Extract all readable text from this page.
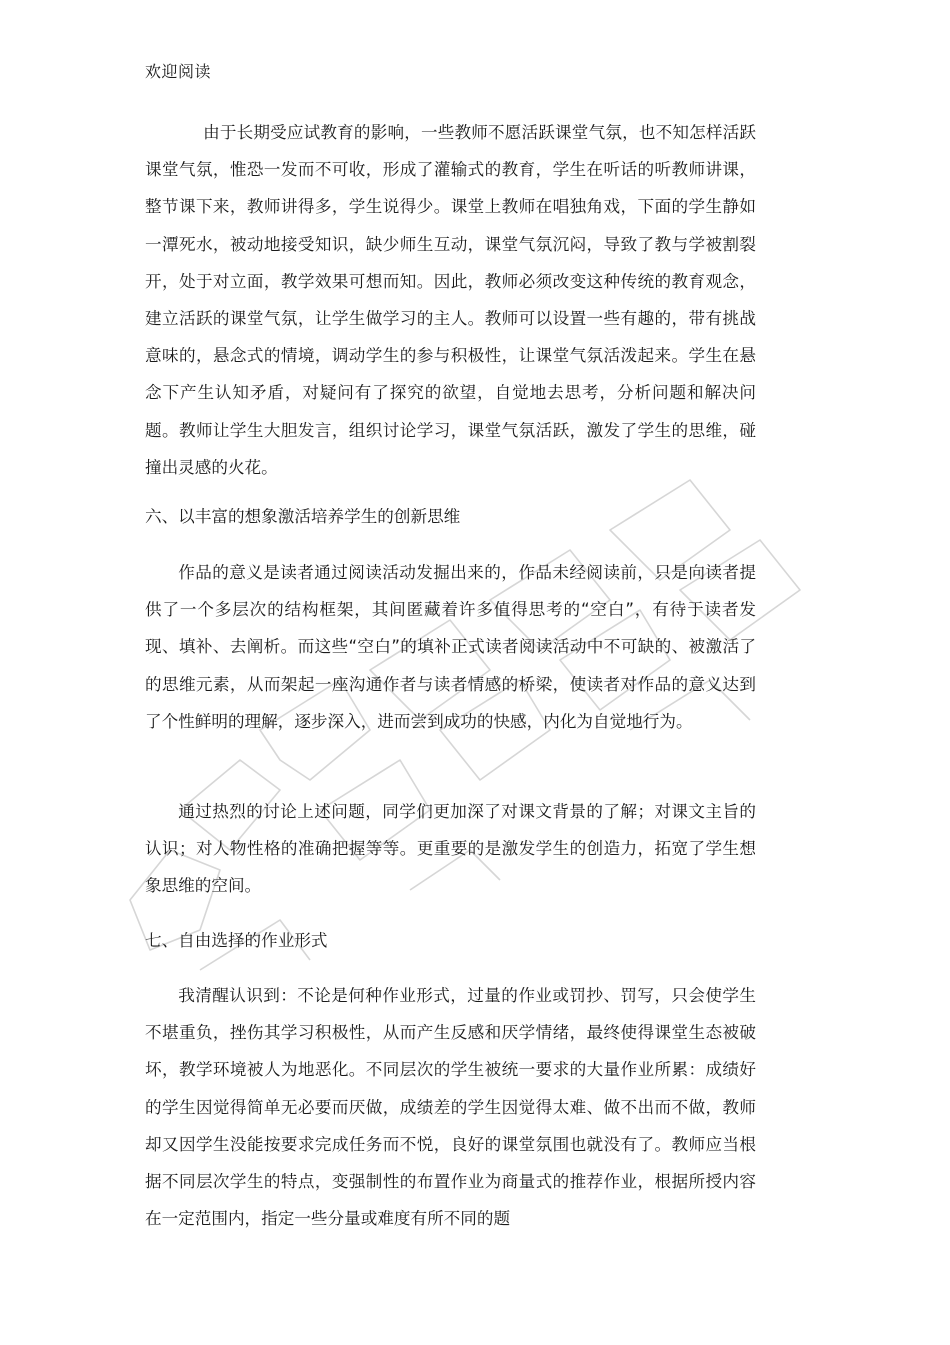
欢迎阅读

由于长期受应试教育的影响，一些教师不愿活跃课堂气氛，也不知怎样活跃课堂气氛，惟恐一发而不可收，形成了灌输式的教育，学生在听话的听教师讲课，整节课下来，教师讲得多，学生说得少。课堂上教师在唱独角戏，下面的学生静如一潭死水，被动地接受知识，缺少师生互动，课堂气氛沉闷，导致了教与学被割裂开，处于对立面，教学效果可想而知。因此，教师必须改变这种传统的教育观念，建立活跃的课堂气氛，让学生做学习的主人。教师可以设置一些有趣的，带有挑战意味的，悬念式的情境，调动学生的参与积极性，让课堂气氛活泼起来。学生在悬念下产生认知矛盾，对疑问有了探究的欲望，自觉地去思考，分析问题和解决问题。教师让学生大胆发言，组织讨论学习，课堂气氛活跃，激发了学生的思维，碰撞出灵感的火花。

六、以丰富的想象激活培养学生的创新思维

作品的意义是读者通过阅读活动发掘出来的，作品未经阅读前，只是向读者提供了一个多层次的结构框架，其间匿藏着许多值得思考的“空白”，有待于读者发现、填补、去阐析。而这些“空白”的填补正式读者阅读活动中不可缺的、被激活了的思维元素，从而架起一座沟通作者与读者情感的桥梁，使读者对作品的意义达到了个性鲜明的理解，逐步深入，进而尝到成功的快感，内化为自觉地行为。

通过热烈的讨论上述问题，同学们更加深了对课文背景的了解；对课文主旨的认识；对人物性格的准确把握等等。更重要的是激发学生的创造力，拓宽了学生想象思维的空间。

七、自由选择的作业形式

我清醒认识到：不论是何种作业形式，过量的作业或罚抄、罚写，只会使学生不堪重负，挫伤其学习积极性，从而产生反感和厌学情绪，最终使得课堂生态被破坏，教学环境被人为地恶化。不同层次的学生被统一要求的大量作业所累：成绩好的学生因觉得简单无必要而厌做，成绩差的学生因觉得太难、做不出而不做，教师却又因学生没能按要求完成任务而不悦，良好的课堂氛围也就没有了。教师应当根据不同层次学生的特点，变强制性的布置作业为商量式的推荐作业，根据所授内容在一定范围内，指定一些分量或难度有所不同的题
